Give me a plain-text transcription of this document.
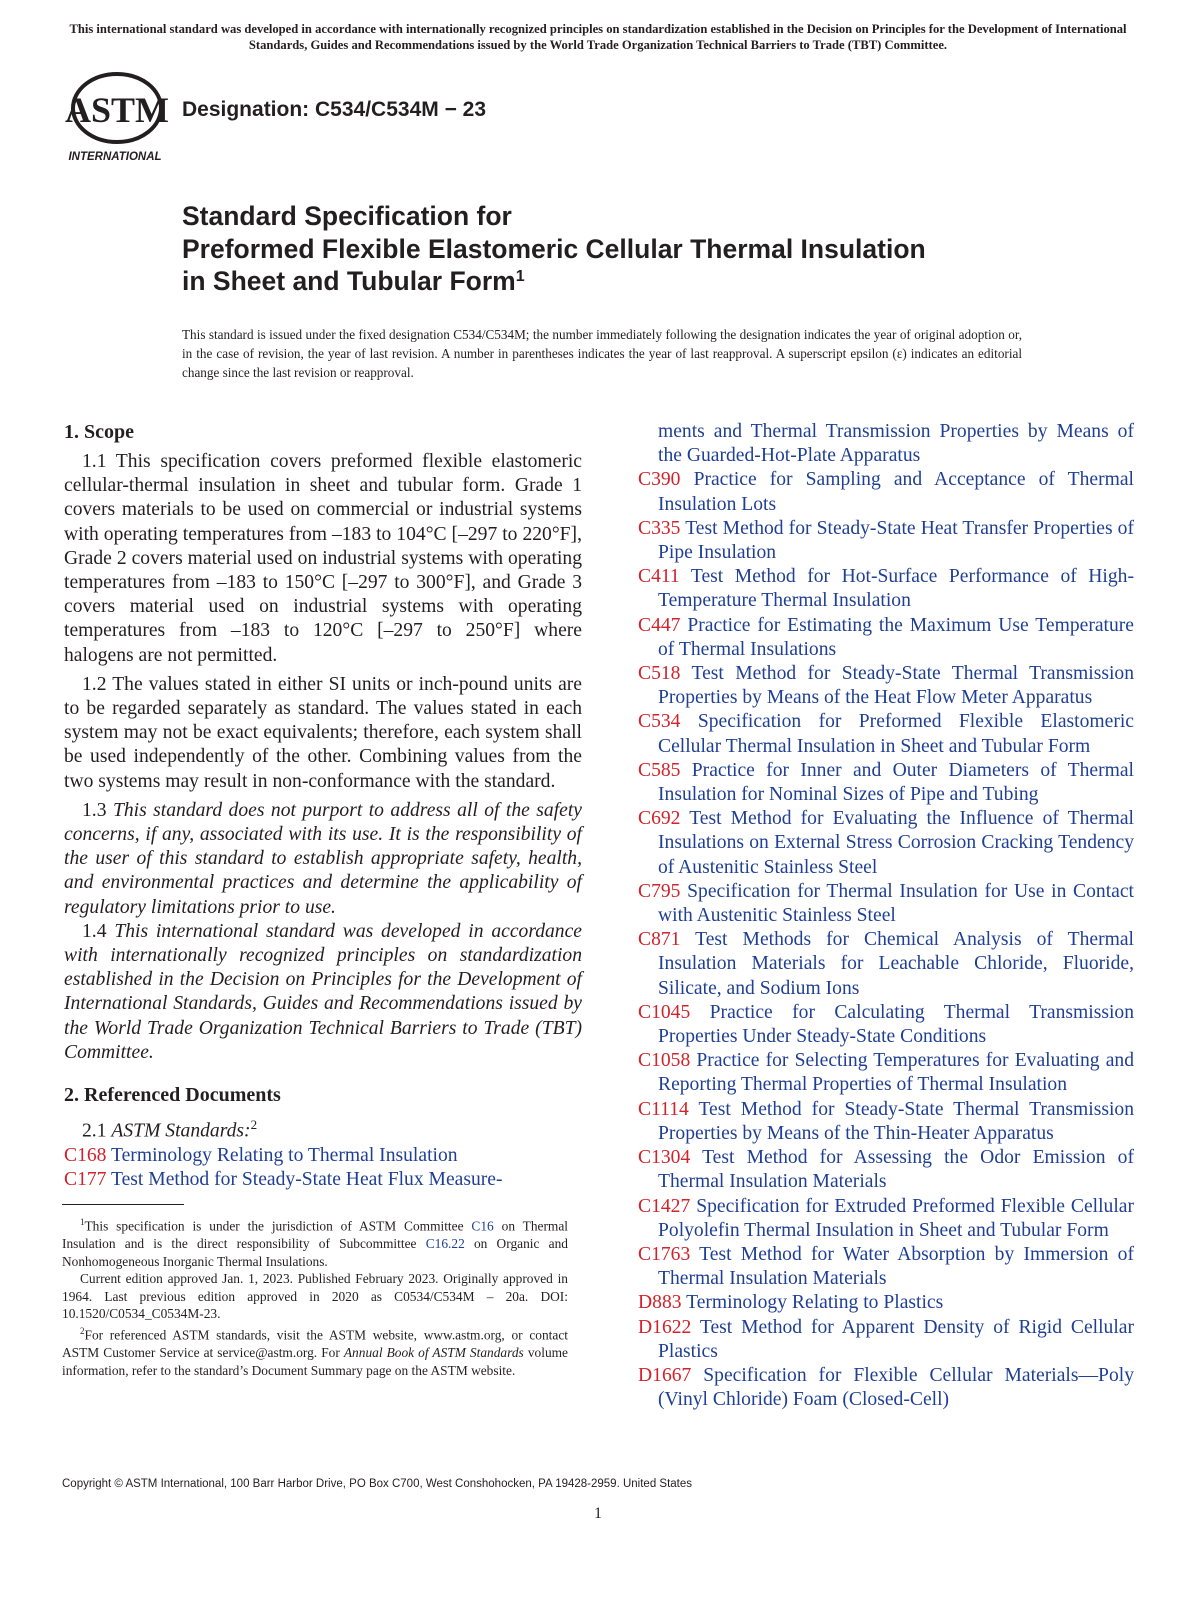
This international standard was developed in accordance with internationally recognized principles on standardization established in the Decision on Principles for the Development of International Standards, Guides and Recommendations issued by the World Trade Organization Technical Barriers to Trade (TBT) Committee.
ASTM
INTERNATIONAL
Designation: C534/C534M − 23
Standard Specification for
Preformed Flexible Elastomeric Cellular Thermal Insulation
in Sheet and Tubular Form$^1$
This standard is issued under the fixed designation C534/C534M; the number immediately following the designation indicates the year of original adoption or, in the case of revision, the year of last revision. A number in parentheses indicates the year of last reapproval. A superscript epsilon (ε) indicates an editorial change since the last revision or reapproval.

1. Scope

1.1 This specification covers preformed flexible elastomeric cellular-thermal insulation in sheet and tubular form. Grade 1 covers materials to be used on commercial or industrial systems with operating temperatures from –183 to 104°C [–297 to 220°F], Grade 2 covers material used on industrial systems with operating temperatures from –183 to 150°C [–297 to 300°F], and Grade 3 covers material used on industrial systems with operating temperatures from –183 to 120°C [–297 to 250°F] where halogens are not permitted.

1.2 The values stated in either SI units or inch-pound units are to be regarded separately as standard. The values stated in each system may not be exact equivalents; therefore, each system shall be used independently of the other. Combining values from the two systems may result in non-conformance with the standard.

1.3 This standard does not purport to address all of the safety concerns, if any, associated with its use. It is the responsibility of the user of this standard to establish appropriate safety, health, and environmental practices and determine the applicability of regulatory limitations prior to use.

1.4 This international standard was developed in accordance with internationally recognized principles on standardization established in the Decision on Principles for the Development of International Standards, Guides and Recommendations issued by the World Trade Organization Technical Barriers to Trade (TBT) Committee.

2. Referenced Documents

2.1 ASTM Standards:$^2$

C168 Terminology Relating to Thermal Insulation

C177 Test Method for Steady-State Heat Flux Measure-

ments and Thermal Transmission Properties by Means of the Guarded-Hot-Plate Apparatus

C390 Practice for Sampling and Acceptance of Thermal Insulation Lots

C335 Test Method for Steady-State Heat Transfer Properties of Pipe Insulation

C411 Test Method for Hot-Surface Performance of High-Temperature Thermal Insulation

C447 Practice for Estimating the Maximum Use Temperature of Thermal Insulations

C518 Test Method for Steady-State Thermal Transmission Properties by Means of the Heat Flow Meter Apparatus

C534 Specification for Preformed Flexible Elastomeric Cellular Thermal Insulation in Sheet and Tubular Form

C585 Practice for Inner and Outer Diameters of Thermal Insulation for Nominal Sizes of Pipe and Tubing

C692 Test Method for Evaluating the Influence of Thermal Insulations on External Stress Corrosion Cracking Tendency of Austenitic Stainless Steel

C795 Specification for Thermal Insulation for Use in Contact with Austenitic Stainless Steel

C871 Test Methods for Chemical Analysis of Thermal Insulation Materials for Leachable Chloride, Fluoride, Silicate, and Sodium Ions

C1045 Practice for Calculating Thermal Transmission Properties Under Steady-State Conditions

C1058 Practice for Selecting Temperatures for Evaluating and Reporting Thermal Properties of Thermal Insulation

C1114 Test Method for Steady-State Thermal Transmission Properties by Means of the Thin-Heater Apparatus

C1304 Test Method for Assessing the Odor Emission of Thermal Insulation Materials

C1427 Specification for Extruded Preformed Flexible Cellular Polyolefin Thermal Insulation in Sheet and Tubular Form

C1763 Test Method for Water Absorption by Immersion of Thermal Insulation Materials

D883 Terminology Relating to Plastics

D1622 Test Method for Apparent Density of Rigid Cellular Plastics

D1667 Specification for Flexible Cellular Materials—Poly (Vinyl Chloride) Foam (Closed-Cell)

$^1$This specification is under the jurisdiction of ASTM Committee C16 on Thermal Insulation and is the direct responsibility of Subcommittee C16.22 on Organic and Nonhomogeneous Inorganic Thermal Insulations.

Current edition approved Jan. 1, 2023. Published February 2023. Originally approved in 1964. Last previous edition approved in 2020 as C0534/C534M – 20a. DOI: 10.1520/C0534_C0534M-23.

$^2$For referenced ASTM standards, visit the ASTM website, www.astm.org, or contact ASTM Customer Service at service@astm.org. For Annual Book of ASTM Standards volume information, refer to the standard’s Document Summary page on the ASTM website.

Copyright © ASTM International, 100 Barr Harbor Drive, PO Box C700, West Conshohocken, PA 19428-2959. United States
1
